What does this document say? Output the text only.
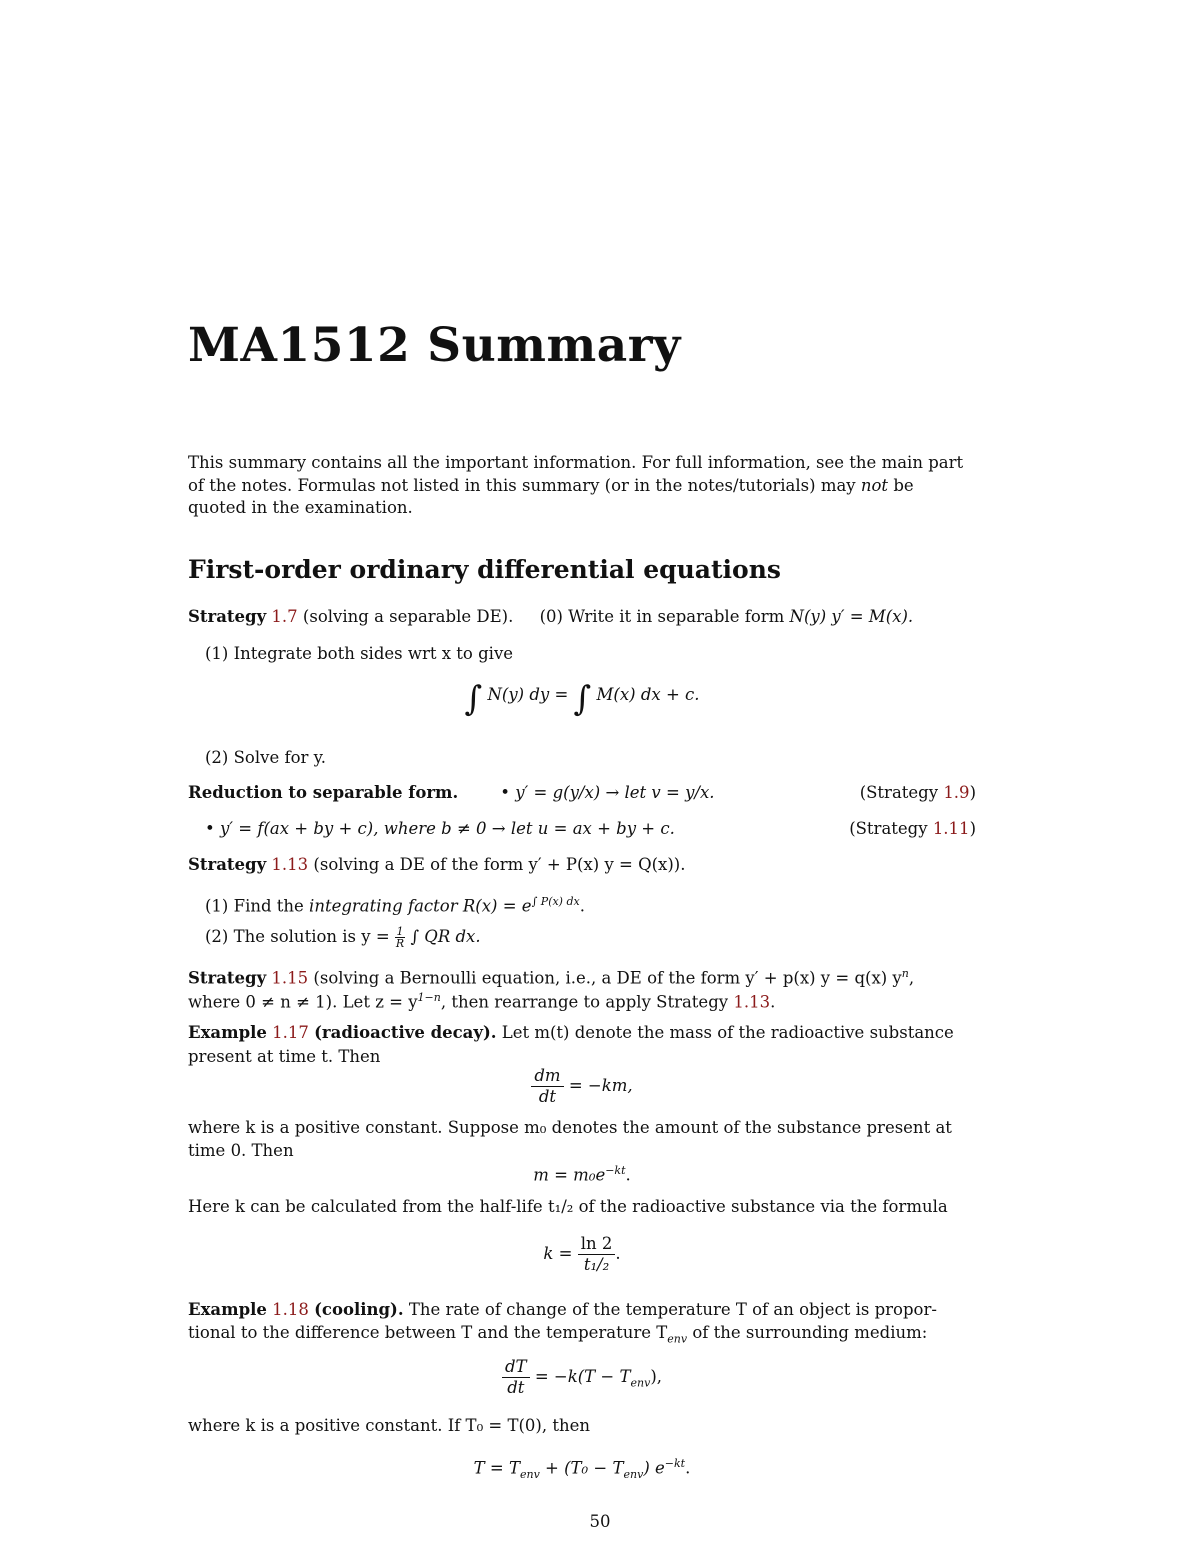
MA1512 Summary

This summary contains all the important information. For full information, see the main part of the notes. Formulas not listed in this summary (or in the notes/tutorials) may not be quoted in the examination.

First-order ordinary differential equations
Strategy 1.7 (solving a separable DE). (0) Write it in separable form N(y) y′ = M(x).
(1) Integrate both sides wrt x to give
∫ N(y) dy = ∫ M(x) dx + c.
(2) Solve for y.
Reduction to separable form.	• y′ = g(y/x) → let v = y/x.	(Strategy 1.9)
• y′ = f(ax + by + c), where b ≠ 0 → let u = ax + by + c.	(Strategy 1.11)
Strategy 1.13 (solving a DE of the form y′ + P(x) y = Q(x)).
(1) Find the integrating factor $R(x) = e^{\int P(x) dx}$.
(2) The solution is $y = \frac{1}{R}$ ∫ QR dx.
Strategy 1.15 (solving a Bernoulli equation, i.e., a DE of the form y′ + p(x) y = q(x) $y^n$,
where 0 ≠ n ≠ 1). Let $z = y^{1-n}$, then rearrange to apply Strategy 1.13.
Example 1.17 (radioactive decay). Let m(t) denote the mass of the radioactive substance
present at time t. Then
$\frac{dm}{dt} = -km$,
where k is a positive constant. Suppose m₀ denotes the amount of the substance present at
time 0. Then
$m = m_0e^{-kt}$.
Here k can be calculated from the half-life t₁/₂ of the radioactive substance via the formula
$k = \frac{\ln 2}{\text{t₁/₂}}$ .
Example 1.18 (cooling). The rate of change of the temperature T of an object is propor-
tional to the difference between T and the temperature $T_{env}$ of the surrounding medium:
$\frac{dT}{dt} = -k(T - T_{env})$,
where k is a positive constant. If T₀ = T(0), then
$T = T_{env} + (T_0 - T_{env})$ $e^{-kt}$.
50
